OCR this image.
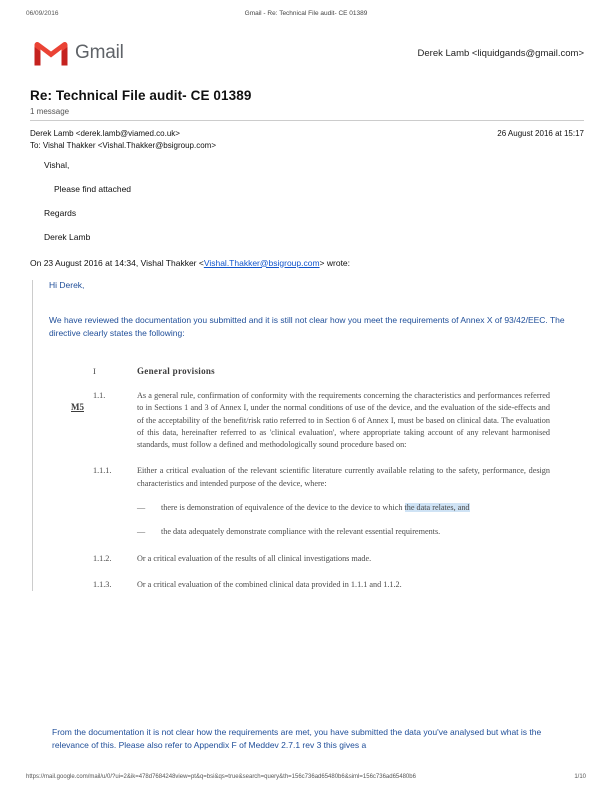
06/09/2016	Gmail - Re: Technical File audit- CE 01389
Gmail	Derek Lamb <liquidgands@gmail.com>
Re: Technical File audit- CE 01389
1 message
Derek Lamb <derek.lamb@viamed.co.uk>
To: Vishal Thakker <Vishal.Thakker@bsigroup.com>
26 August 2016 at 15:17

Vishal,

Please find attached

Regards

Derek Lamb

On 23 August 2016 at 14:34, Vishal Thakker <Vishal.Thakker@bsigroup.com> wrote:

Hi Derek,

We have reviewed the documentation you submitted and it is still not clear how you meet the requirements of Annex X of 93/42/EEC. The directive clearly states the following:

I	General provisions
M5
1.1.	As a general rule, confirmation of conformity with the requirements concerning the characteristics and performances referred to in Sections 1 and 3 of Annex I, under the normal conditions of use of the device, and the evaluation of the side-effects and of the acceptability of the benefit/risk ratio referred to in Section 6 of Annex I, must be based on clinical data. The evaluation of this data, hereinafter referred to as 'clinical evaluation', where appropriate taking account of any relevant harmonised standards, must follow a defined and methodologically sound procedure based on:
1.1.1.	Either a critical evaluation of the relevant scientific literature currently available relating to the safety, performance, design characteristics and intended purpose of the device, where:
— there is demonstration of equivalence of the device to the device to which the data relates, and
— the data adequately demonstrate compliance with the relevant essential requirements.
1.1.2.	Or a critical evaluation of the results of all clinical investigations made.
1.1.3.	Or a critical evaluation of the combined clinical data provided in 1.1.1 and 1.1.2.
From the documentation it is not clear how the requirements are met, you have submitted the data you've analysed but what is the relevance of this. Please also refer to Appendix F of Meddev 2.7.1 rev 3 this gives a
https://mail.google.com/mail/u/0/?ui=2&ik=478d7684248view=pt&q=bsi&qs=true&search=query&th=156c736ad65480b6&siml=156c736ad65480b6	1/10
